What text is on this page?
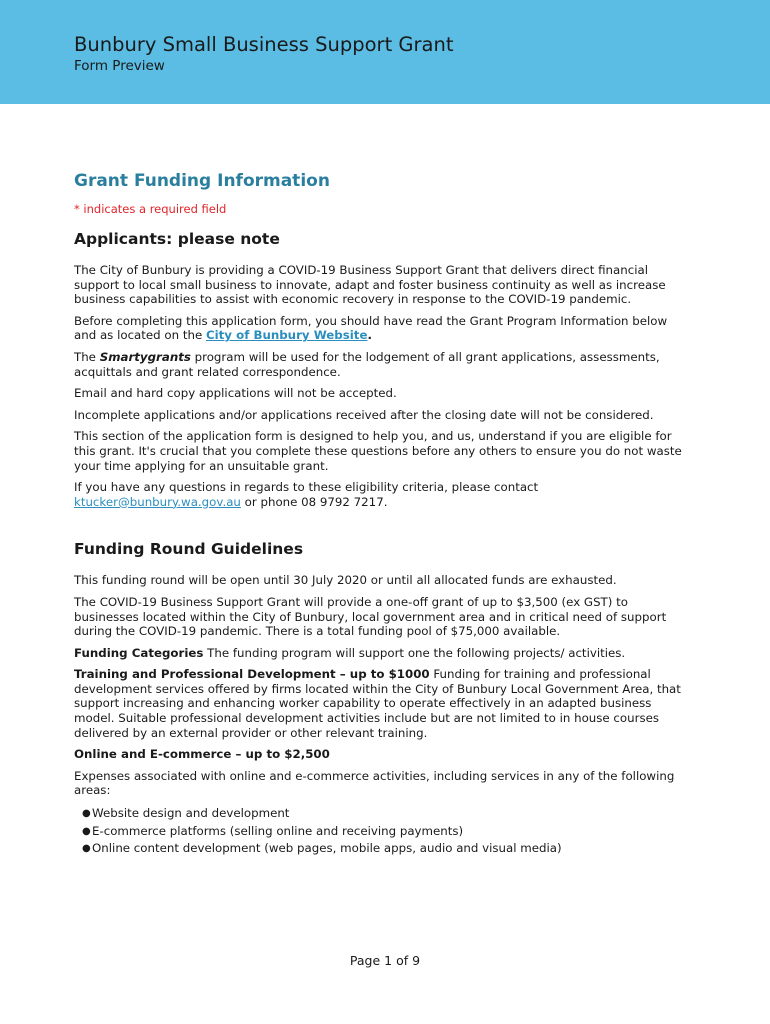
Bunbury Small Business Support Grant
Form Preview
Grant Funding Information
* indicates a required field
Applicants: please note

The City of Bunbury is providing a COVID-19 Business Support Grant that delivers direct financial support to local small business to innovate, adapt and foster business continuity as well as increase business capabilities to assist with economic recovery in response to the COVID-19 pandemic.

Before completing this application form, you should have read the Grant Program Information below and as located on the City of Bunbury Website.

The Smartygrants program will be used for the lodgement of all grant applications, assessments, acquittals and grant related correspondence.

Email and hard copy applications will not be accepted.

Incomplete applications and/or applications received after the closing date will not be considered.

This section of the application form is designed to help you, and us, understand if you are eligible for this grant. It's crucial that you complete these questions before any others to ensure you do not waste your time applying for an unsuitable grant.

If you have any questions in regards to these eligibility criteria, please contact ktucker@bunbury.wa.gov.au or phone 08 9792 7217.

Funding Round Guidelines

This funding round will be open until 30 July 2020 or until all allocated funds are exhausted.

The COVID-19 Business Support Grant will provide a one-off grant of up to $3,500 (ex GST) to businesses located within the City of Bunbury, local government area and in critical need of support during the COVID-19 pandemic. There is a total funding pool of $75,000 available.

Funding Categories The funding program will support one the following projects/ activities.

Training and Professional Development – up to $1000 Funding for training and professional development services offered by firms located within the City of Bunbury Local Government Area, that support increasing and enhancing worker capability to operate effectively in an adapted business model. Suitable professional development activities include but are not limited to in house courses delivered by an external provider or other relevant training.

Online and E-commerce – up to $2,500

Expenses associated with online and e-commerce activities, including services in any of the following areas:

● Website design and development
● E-commerce platforms (selling online and receiving payments)
● Online content development (web pages, mobile apps, audio and visual media)
Page 1 of 9
